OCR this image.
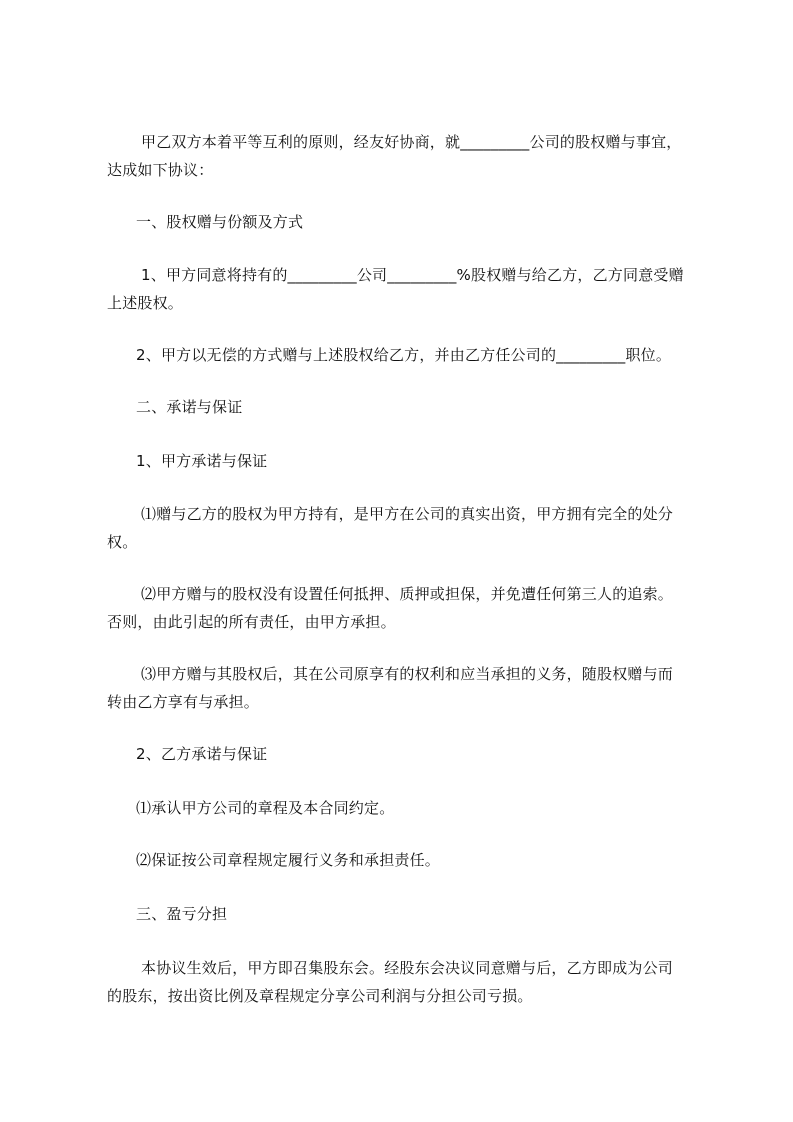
甲乙双方本着平等互利的原则，经友好协商，就_________公司的股权赠与事宜，
达成如下协议：
一、股权赠与份额及方式
1、甲方同意将持有的_________公司_________%股权赠与给乙方，乙方同意受赠
上述股权。
2、甲方以无偿的方式赠与上述股权给乙方，并由乙方任公司的_________职位。
二、承诺与保证
1、甲方承诺与保证
⑴赠与乙方的股权为甲方持有，是甲方在公司的真实出资，甲方拥有完全的处分
权。
⑵甲方赠与的股权没有设置任何抵押、质押或担保，并免遭任何第三人的追索。
否则，由此引起的所有责任，由甲方承担。
⑶甲方赠与其股权后，其在公司原享有的权利和应当承担的义务，随股权赠与而
转由乙方享有与承担。
2、乙方承诺与保证
⑴承认甲方公司的章程及本合同约定。
⑵保证按公司章程规定履行义务和承担责任。
三、盈亏分担
本协议生效后，甲方即召集股东会。经股东会决议同意赠与后，乙方即成为公司
的股东，按出资比例及章程规定分享公司利润与分担公司亏损。
